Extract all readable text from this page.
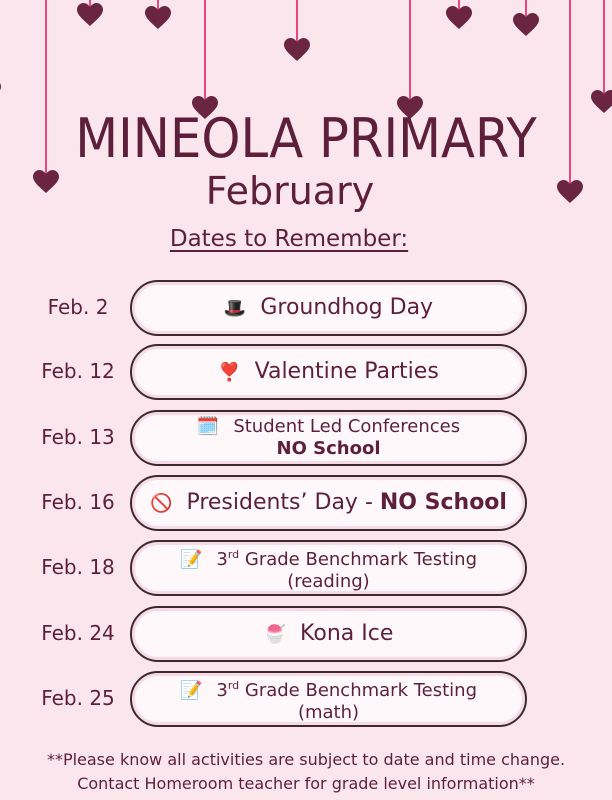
MINEOLA PRIMARY
February
Dates to Remember:
Feb. 2	🎩 Groundhog Day
Feb. 12	❣️ Valentine Parties
Feb. 13	🗓️ Student Led Conferences
NO School
Feb. 16	🚫 Presidents’ Day - NO School
Feb. 18	📝 3rd Grade Benchmark Testing
(reading)
Feb. 24	🍧 Kona Ice
Feb. 25	📝 3rd Grade Benchmark Testing
(math)
**Please know all activities are subject to date and time change.
Contact Homeroom teacher for grade level information**
